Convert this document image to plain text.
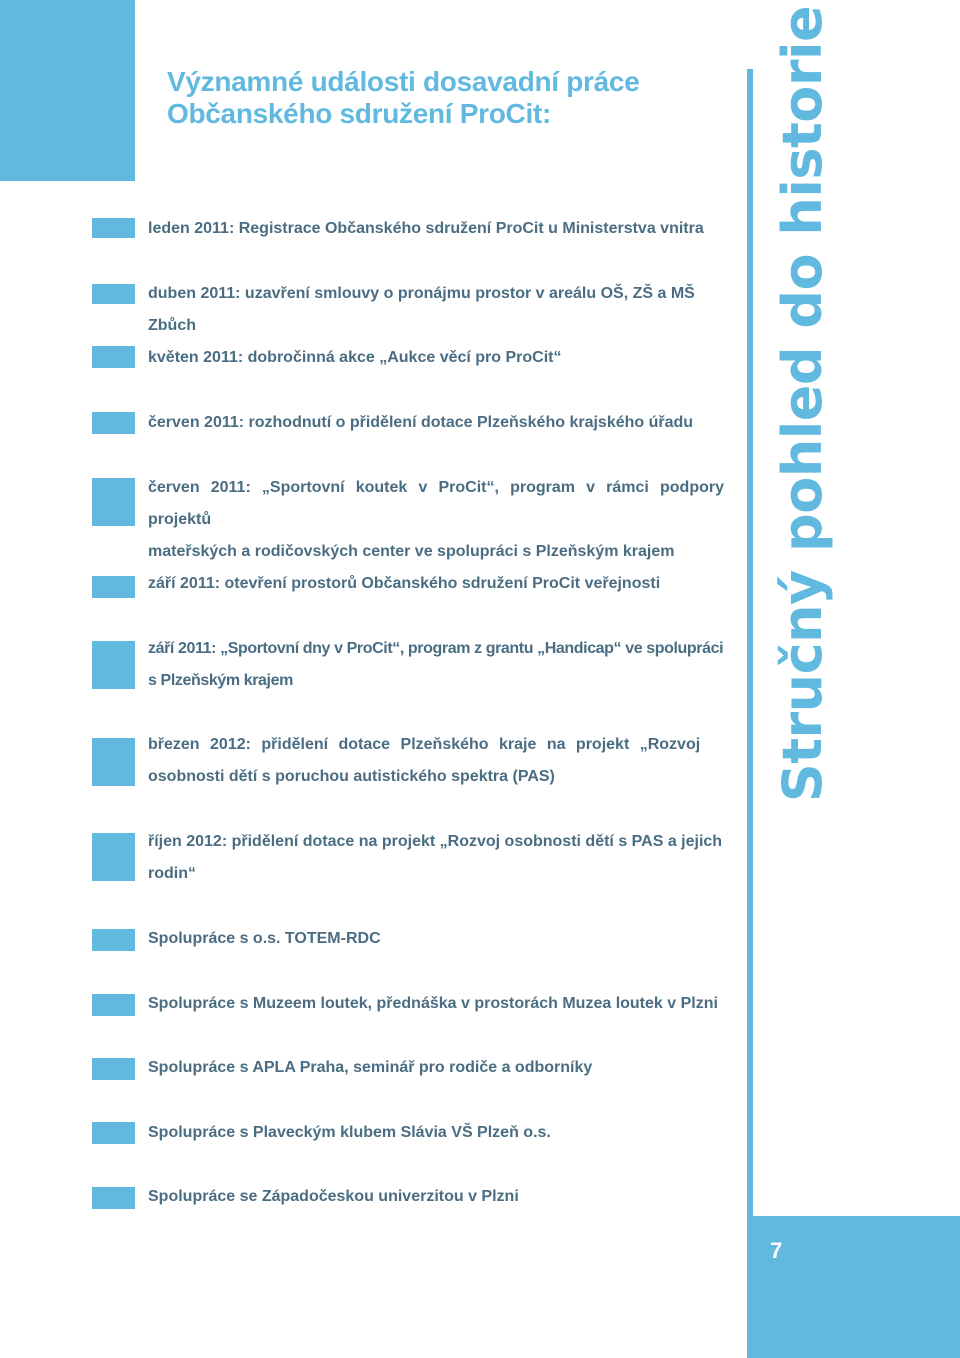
Významné události dosavadní práce
Občanského sdružení ProCit:

leden 2011: Registrace Občanského sdružení ProCit u Ministerstva vnitra

duben 2011: uzavření smlouvy o pronájmu prostor v areálu OŠ, ZŠ a MŠ Zbůch

květen 2011: dobročinná akce „Aukce věcí pro ProCit“

červen 2011: rozhodnutí o přidělení dotace Plzeňského krajského úřadu

červen 2011: „Sportovní koutek v ProCit“, program v rámci podpory projektů
mateřských a rodičovských center ve spolupráci s Plzeňským krajem

září 2011: otevření prostorů Občanského sdružení ProCit veřejnosti

září 2011: „Sportovní dny v ProCit“, program z grantu „Handicap“ ve spolupráci
s Plzeňským krajem

březen 2012: přidělení dotace Plzeňského kraje na projekt „Rozvoj
osobnosti dětí s poruchou autistického spektra (PAS)

říjen 2012: přidělení dotace na projekt „Rozvoj osobnosti dětí s PAS a jejich
rodin“

Spolupráce s o.s. TOTEM-RDC

Spolupráce s Muzeem loutek, přednáška v prostorách Muzea loutek v Plzni

Spolupráce s APLA Praha, seminář pro rodiče a odborníky

Spolupráce s Plaveckým klubem Slávia VŠ Plzeň o.s.

Spolupráce se Západočeskou univerzitou v Plzni

Stručný pohled do historie
7
